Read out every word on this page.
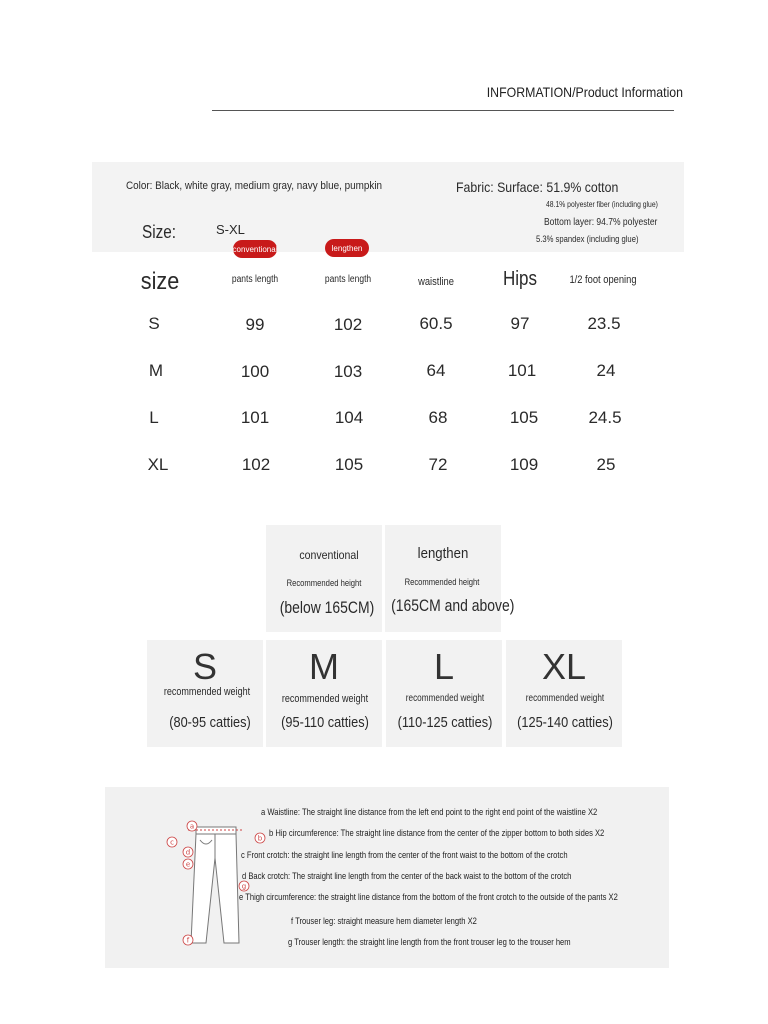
INFORMATION/Product Information
Color: Black, white gray, medium gray, navy blue, pumpkin	Fabric: Surface: 51.9% cotton
48.1% polyester fiber (including glue)
Bottom layer: 94.7% polyester
5.3% spandex (including glue)
Size:	S-XL
conventional	lengthen
size	pants length	pants length	waistline	Hips	1/2 foot opening
S	99	102	60.5	97	23.5
M	100	103	64	101	24
L	101	104	68	105	24.5
XL	102	105	72	109	25
conventional
Recommended height
(below 165CM)
lengthen
Recommended height
(165CM and above)
S
recommended weight
(80-95 catties)
M
recommended weight
(95-110 catties)
L
recommended weight
(110-125 catties)
XL
recommended weight
(125-140 catties)
a
b
c
d
e
g
f
a Waistline: The straight line distance from the left end point to the right end point of the waistline X2
b Hip circumference: The straight line distance from the center of the zipper bottom to both sides X2
c Front crotch: the straight line length from the center of the front waist to the bottom of the crotch
d Back crotch: The straight line length from the center of the back waist to the bottom of the crotch
e Thigh circumference: the straight line distance from the bottom of the front crotch to the outside of the pants X2
f Trouser leg: straight measure hem diameter length X2
g Trouser length: the straight line length from the front trouser leg to the trouser hem
